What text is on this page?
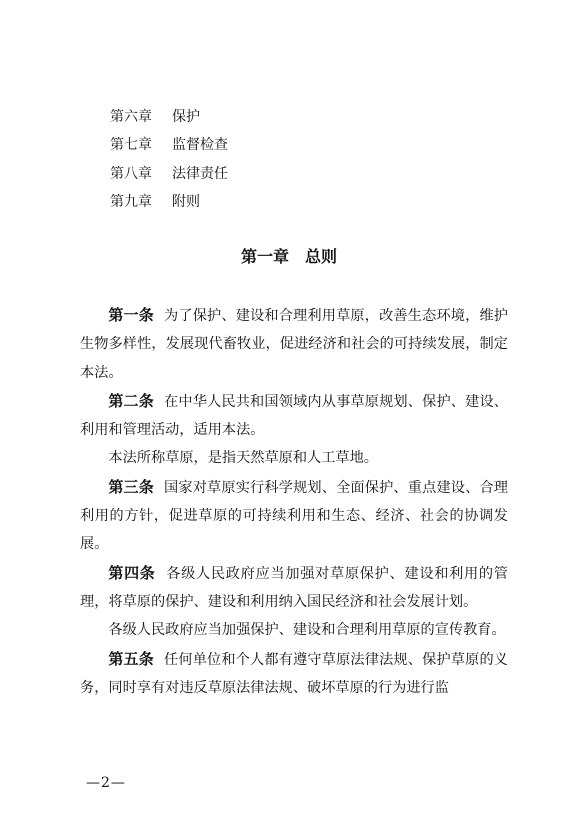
第六章 保护
第七章 监督检查
第八章 法律责任
第九章 附则
第一章 总则

第一条 为了保护、建设和合理利用草原，改善生态环境，维护生物多样性，发展现代畜牧业，促进经济和社会的可持续发展，制定本法。

第二条 在中华人民共和国领域内从事草原规划、保护、建设、利用和管理活动，适用本法。

本法所称草原，是指天然草原和人工草地。

第三条 国家对草原实行科学规划、全面保护、重点建设、合理利用的方针，促进草原的可持续利用和生态、经济、社会的协调发展。

第四条 各级人民政府应当加强对草原保护、建设和利用的管理，将草原的保护、建设和利用纳入国民经济和社会发展计划。

各级人民政府应当加强保护、建设和合理利用草原的宣传教育。

第五条 任何单位和个人都有遵守草原法律法规、保护草原的义务，同时享有对违反草原法律法规、破坏草原的行为进行监

—2—
